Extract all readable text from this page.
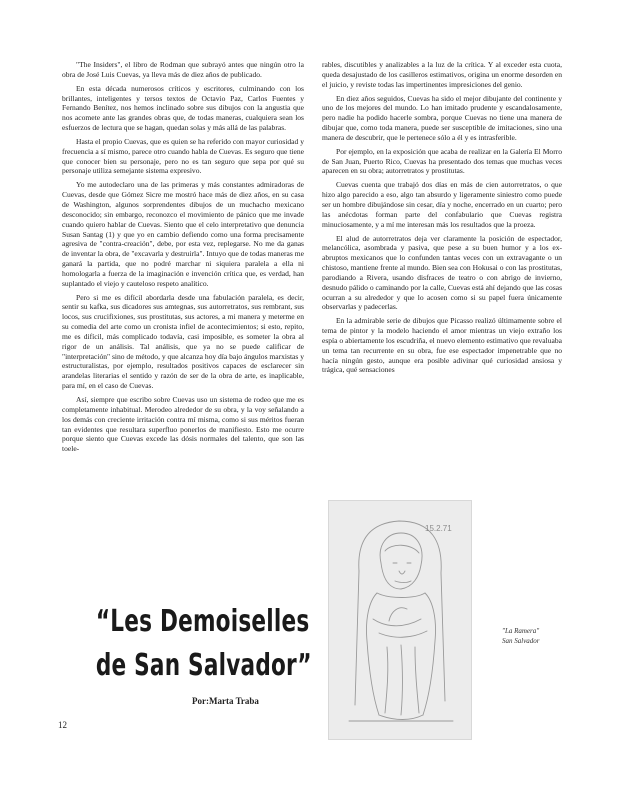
"The Insiders", el libro de Rodman que subrayó antes que ningún otro la obra de José Luis Cuevas, ya lleva más de diez años de publicado.

En esta década numerosos críticos y escritores, culminando con los brillantes, inteligentes y tersos textos de Octavio Paz, Carlos Fuentes y Fernando Benítez, nos hemos inclinado sobre sus dibujos con la angustia que nos acomete ante las grandes obras que, de todas maneras, cualquiera sean los esfuerzos de lectura que se hagan, quedan solas y más allá de las palabras.

Hasta el propio Cuevas, que es quien se ha referido con mayor curiosidad y frecuencia a sí mismo, parece otro cuando habla de Cuevas. Es seguro que tiene que conocer bien su personaje, pero no es tan seguro que sepa por qué su personaje utiliza semejante sistema expresivo.

Yo me autodeclaro una de las primeras y más constantes admiradoras de Cuevas, desde que Gómez Sicre me mostró hace más de diez años, en su casa de Washington, algunos sorprendentes dibujos de un muchacho mexicano desconocido; sin embargo, reconozco el movimiento de pánico que me invade cuando quiero hablar de Cuevas. Siento que el celo interpretativo que denuncia Susan Santag (1) y que yo en cambio defiendo como una forma precisamente agresiva de "contra-creación", debe, por esta vez, replegarse. No me da ganas de inventar la obra, de "excavarla y destruirla". Intuyo que de todas maneras me ganará la partida, que no podré marchar ni siquiera paralela a ella ni homologarla a fuerza de la imaginación e invención crítica que, es verdad, han suplantado el viejo y cauteloso respeto analítico.

Pero si me es difícil abordarla desde una fabulación paralela, es decir, sentir su kafka, sus dicadores sus amtegnas, sus autorretratos, sus rembrant, sus locos, sus crucifixiones, sus prostitutas, sus actores, a mi manera y meterme en su comedia del arte como un cronista infiel de acontecimientos; si esto, repito, me es difícil, más complicado todavía, casi imposible, es someter la obra al rigor de un análisis. Tal análisis, que ya no se puede calificar de "interpretación" sino de método, y que alcanza hoy día bajo ángulos marxistas y estructuralistas, por ejemplo, resultados positivos capaces de esclarecer sin arandelas literarias el sentido y razón de ser de la obra de arte, es inaplicable, para mí, en el caso de Cuevas.

Así, siempre que escribo sobre Cuevas uso un sistema de rodeo que me es completamente inhabitual. Merodeo alrededor de su obra, y la voy señalando a los demás con creciente irritación contra mí misma, como si sus méritos fueran tan evidentes que resultara superfluo ponerlos de manifiesto. Esto me ocurre porque siento que Cuevas excede las dósis normales del talento, que son las toele-

rables, discutibles y analizables a la luz de la crítica. Y al exceder esta cuota, queda desajustado de los casilleros estimativos, origina un enorme desorden en el juicio, y reviste todas las impertinentes impresiciones del genio.

En diez años seguidos, Cuevas ha sido el mejor dibujante del continente y uno de los mejores del mundo. Lo han imitado prudente y escandalosamente, pero nadie ha podido hacerle sombra, porque Cuevas no tiene una manera de dibujar que, como toda manera, puede ser susceptible de imitaciones, sino una manera de descubrir, que le pertenece sólo a él y es intrasferible.

Por ejemplo, en la exposición que acaba de realizar en la Galería El Morro de San Juan, Puerto Rico, Cuevas ha presentado dos temas que muchas veces aparecen en su obra; autorretratos y prostitutas.

Cuevas cuenta que trabajó dos días en más de cien autorretratos, o que hizo algo parecido a eso, algo tan absurdo y ligeramente siniestro como puede ser un hombre dibujándose sin cesar, día y noche, encerrado en un cuarto; pero las anécdotas forman parte del confabulario que Cuevas registra minuciosamente, y a mí me interesan más los resultados que la proeza.

El alud de autorretratos deja ver claramente la posición de espectador, melancólica, asombrada y pasiva, que pese a su buen humor y a los ex-abruptos mexicanos que lo confunden tantas veces con un extravagante o un chistoso, mantiene frente al mundo. Bien sea con Hokusai o con las prostitutas, parodiando a Rivera, usando disfraces de teatro o con abrigo de invierno, desnudo pálido o caminando por la calle, Cuevas está ahí dejando que las cosas ocurran a su alrededor y que lo acosen como si su papel fuera únicamente observarlas y padecerlas.

En la admirable serie de dibujos que Picasso realizó últimamente sobre el tema de pintor y la modelo haciendo el amor mientras un viejo extraño los espía o abiertamente los escudriña, el nuevo elemento estimativo que revaluaba un tema tan recurrente en su obra, fue ese espectador impenetrable que no hacía ningún gesto, aunque era posible adivinar qué curiosidad ansiosa y trágica, qué sensaciones

“Les Demoiselles
de San Salvador”
Por:Marta Traba
12
15.2.71
"La Ramera"
San Salvador
